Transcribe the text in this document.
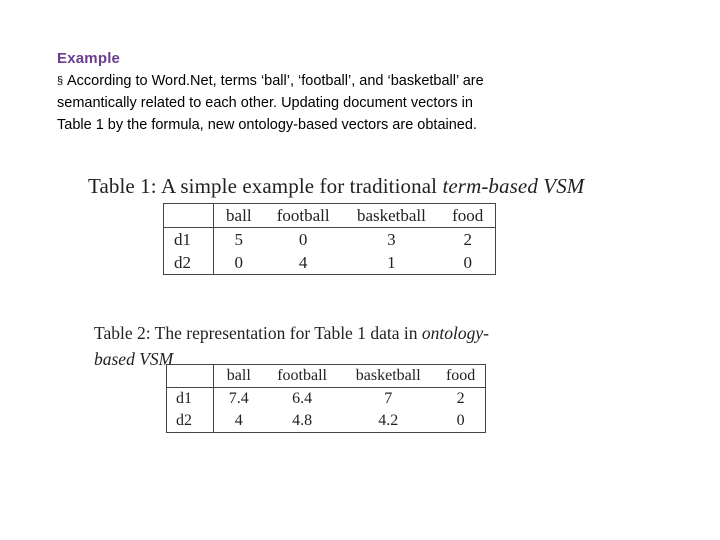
Example
§ According to Word.Net, terms ‘ball’, ‘football’, and ‘basketball’ are
semantically related to each other. Updating document vectors in
Table 1 by the formula, new ontology-based vectors are obtained.
Table 1: A simple example for traditional term-based VSM
	ball	football	basketball	food
d1	5	0	3	2
d2	0	4	1	0
Table 2: The representation for Table 1 data in ontology-
based VSM
	ball	football	basketball	food
d1	7.4	6.4	7	2
d2	4	4.8	4.2	0
